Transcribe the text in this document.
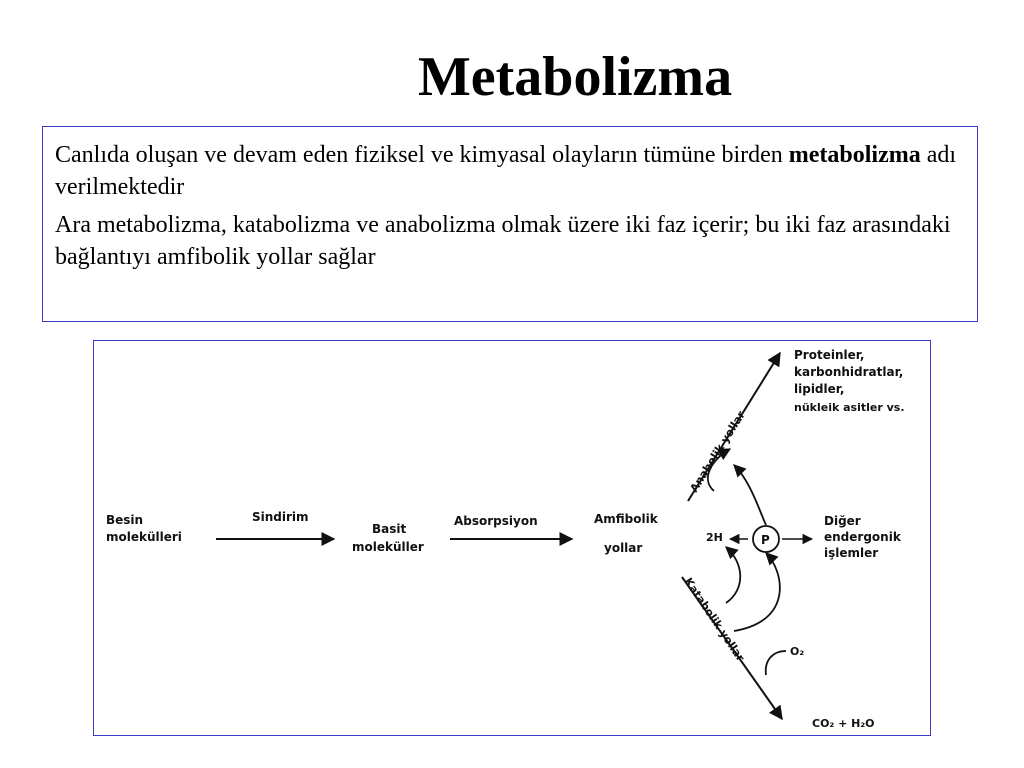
Metabolizma

Canlıda oluşan ve devam eden fiziksel ve kimyasal olayların tümüne birden metabolizma adı verilmektedir

Ara metabolizma, katabolizma ve anabolizma olmak üzere iki faz içerir; bu iki faz arasındaki bağlantıyı amfibolik yollar sağlar

Besin
molekülleri
Sindirim
Basit
moleküller
Absorpsiyon	Amfibolik
yollar
Anabolik yollar
Katabolik yollar
Proteinler,
karbonhidratlar,
lipidler,
nükleik asitler vs.
2H	P
Diğer
endergonik
işlemler
O₂
CO₂ + H₂O
